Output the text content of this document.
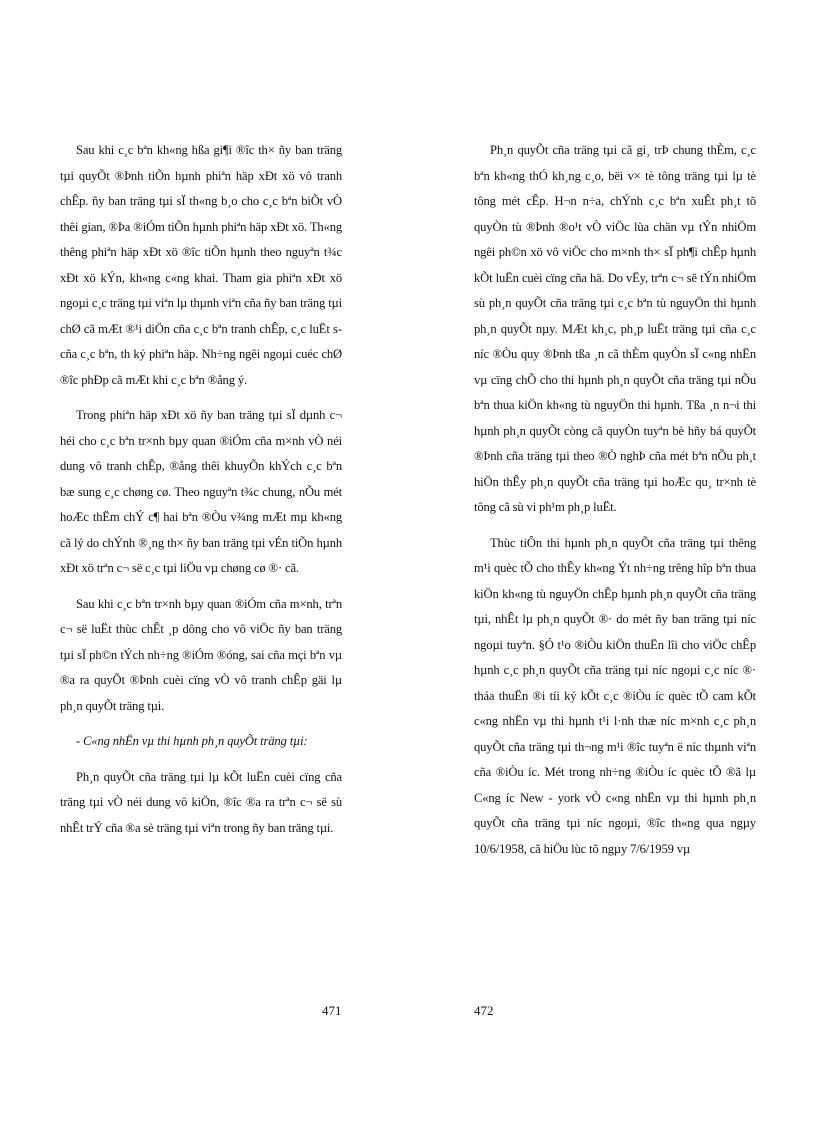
Sau khi c¸c bªn kh«ng hßa gi¶i ®îc th× ñy ban träng tµi quyÕt ®Þnh tiÕn hµnh phiªn häp xÐt xö vô tranh chÊp. ñy ban träng tµi sÏ th«ng b¸o cho c¸c bªn biÕt vÒ thêi gian, ®Þa ®iÓm tiÕn hµnh phiªn häp xÐt xö. Th«ng thêng phiªn häp xÐt xö ®îc tiÕn hµnh theo nguyªn t¾c xÐt xö kÝn, kh«ng c«ng khai. Tham gia phiªn xÐt xö ngoµi c¸c träng tµi viªn lµ thµnh viªn cña ñy ban träng tµi chØ cã mÆt ®¹i diÖn cña c¸c bªn tranh chÊp, c¸c luËt s cña c¸c bªn, th ký phiªn häp. Nh÷ng ngêi ngoµi cuéc chØ ®îc phÐp cã mÆt khi c¸c bªn ®ång ý.

Trong phiªn häp xÐt xö ñy ban träng tµi sÏ dµnh c¬ héi cho c¸c bªn tr×nh bµy quan ®iÓm cña m×nh vÒ néi dung vô tranh chÊp, ®ång thêi khuyÕn khÝch c¸c bªn bæ sung c¸c chøng cø. Theo nguyªn t¾c chung, nÕu mét hoÆc thËm chÝ c¶ hai bªn ®Òu v¾ng mÆt mµ kh«ng cã lý do chÝnh ®¸ng th× ñy ban träng tµi vÉn tiÕn hµnh xÐt xö trªn c¬ së c¸c tµi liÖu vµ chøng cø ®· cã.

Sau khi c¸c bªn tr×nh bµy quan ®iÓm cña m×nh, trªn c¬ së luËt thùc chÊt ¸p dông cho vô viÖc ñy ban träng tµi sÏ ph©n tÝch nh÷ng ®iÓm ®óng, sai cña mçi bªn vµ ®a ra quyÕt ®Þnh cuèi cïng vÒ vô tranh chÊp gäi lµ ph¸n quyÕt träng tµi.

- C«ng nhËn vµ thi hµnh ph¸n quyÕt träng tµi:

Ph¸n quyÕt cña träng tµi lµ kÕt luËn cuèi cïng cña träng tµi vÒ néi dung vô kiÖn, ®îc ®a ra trªn c¬ së sù nhÊt trÝ cña ®a sè träng tµi viªn trong ñy ban träng tµi.

471

Ph¸n quyÕt cña träng tµi cã gi¸ trÞ chung thÈm, c¸c bªn kh«ng thÓ kh¸ng c¸o, bëi v× tè tông träng tµi lµ tè tông mét cÊp. H¬n n÷a, chÝnh c¸c bªn xuÊt ph¸t tõ quyÒn tù ®Þnh ®o¹t vÒ viÖc lùa chän vµ tÝn nhiÖm ngêi ph©n xö vô viÖc cho m×nh th× sÏ ph¶i chÊp hµnh kÕt luËn cuèi cïng cña hä. Do vËy, trªn c¬ së tÝn nhiÖm sù ph¸n quyÕt cña träng tµi c¸c bªn tù nguyÖn thi hµnh ph¸n quyÕt nµy. MÆt kh¸c, ph¸p luËt träng tµi cña c¸c níc ®Òu quy ®Þnh tßa ¸n cã thÈm quyÒn sÏ c«ng nhËn vµ cïng chÕ cho thi hµnh ph¸n quyÕt cña träng tµi nÕu bªn thua kiÖn kh«ng tù nguyÖn thi hµnh. Tßa ¸n n¬i thi hµnh ph¸n quyÕt còng cã quyÒn tuyªn bè hñy bá quyÕt ®Þnh cña träng tµi theo ®Ò nghÞ cña mét bªn nÕu ph¸t hiÖn thÊy ph¸n quyÕt cña träng tµi hoÆc qu¸ tr×nh tè tông cã sù vi ph¹m ph¸p luËt.

Thùc tiÔn thi hµnh ph¸n quyÕt cña träng tµi thêng m¹i quèc tÕ cho thÊy kh«ng Ýt nh÷ng trêng hîp bªn thua kiÖn kh«ng tù nguyÖn chÊp hµnh ph¸n quyÕt cña träng tµi, nhÊt lµ ph¸n quyÕt ®· do mét ñy ban träng tµi níc ngoµi tuyªn. §Ó t¹o ®iÒu kiÖn thuËn lîi cho viÖc chÊp hµnh c¸c ph¸n quyÕt cña träng tµi níc ngoµi c¸c níc ®· tháa thuËn ®i tíi ký kÕt c¸c ®iÒu íc quèc tÕ cam kÕt c«ng nhËn vµ thi hµnh t¹i l·nh thæ níc m×nh c¸c ph¸n quyÕt cña träng tµi th¬ng m¹i ®îc tuyªn ë níc thµnh viªn cña ®iÒu íc. Mét trong nh÷ng ®iÒu íc quèc tÕ ®ã lµ C«ng íc New - york vÒ c«ng nhËn vµ thi hµnh ph¸n quyÕt cña träng tµi níc ngoµi, ®îc th«ng qua ngµy 10/6/1958, cã hiÖu lùc tõ ngµy 7/6/1959 vµ

472
